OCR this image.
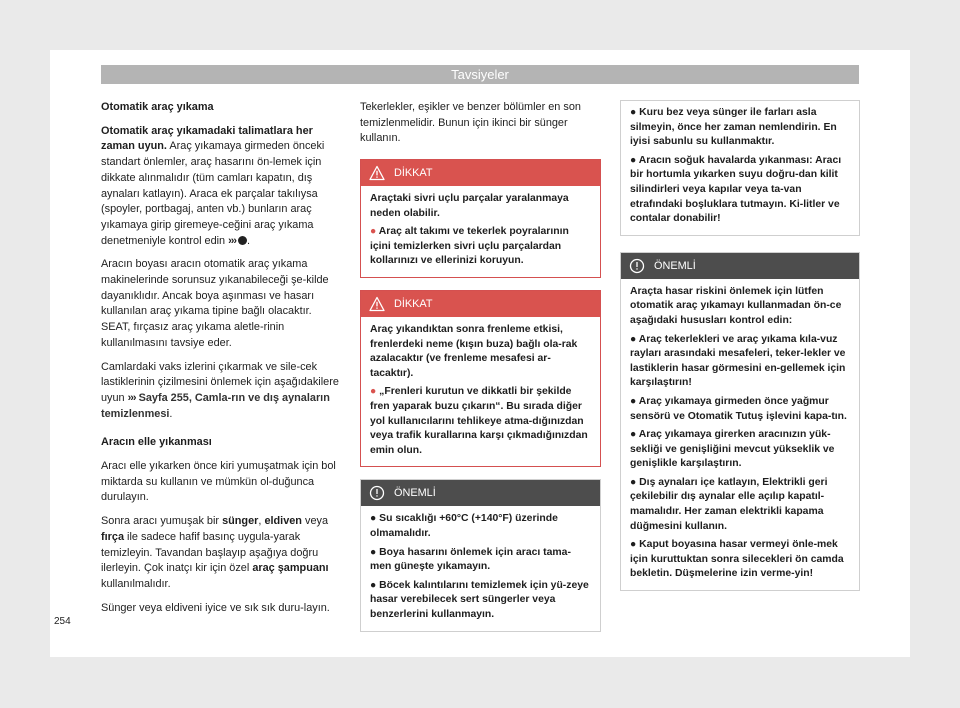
Tavsiyeler

Otomatik araç yıkama

Otomatik araç yıkamadaki talimatlara her zaman uyun. Araç yıkamaya girmeden önceki standart önlemler, araç hasarını ön-lemek için dikkate alınmalıdır (tüm camları kapatın, dış aynaları katlayın). Araca ek parçalar takılıysa (spoyler, portbagaj, anten vb.) bunların araç yıkamaya girip giremeye-ceğini araç yıkama denetmeniyle kontrol edin ››› .

Aracın boyası aracın otomatik araç yıkama makinelerinde sorunsuz yıkanabileceği şe-kilde dayanıklıdır. Ancak boya aşınması ve hasarı kullanılan araç yıkama tipine bağlı olacaktır. SEAT, fırçasız araç yıkama aletle-rinin kullanılmasını tavsiye eder.

Camlardaki vaks izlerini çıkarmak ve sile-cek lastiklerinin çizilmesini önlemek için aşağıdakilere uyun ››› Sayfa 255, Camla-rın ve dış aynaların temizlenmesi.

Aracın elle yıkanması

Aracı elle yıkarken önce kiri yumuşatmak için bol miktarda su kullanın ve mümkün ol-duğunca durulayın.

Sonra aracı yumuşak bir sünger, eldiven veya fırça ile sadece hafif basınç uygula-yarak temizleyin. Tavandan başlayıp aşağıya doğru ilerleyin. Çok inatçı kir için özel araç şampuanı kullanılmalıdır.

Sünger veya eldiveni iyice ve sık sık duru-layın.

Tekerlekler, eşikler ve benzer bölümler en son temizlenmelidir. Bunun için ikinci bir sünger kullanın.

DİKKAT

Araçtaki sivri uçlu parçalar yaralanmaya neden olabilir.

● Araç alt takımı ve tekerlek poyralarının içini temizlerken sivri uçlu parçalardan kollarınızı ve ellerinizi koruyun.

DİKKAT

Araç yıkandıktan sonra frenleme etkisi, frenlerdeki neme (kışın buza) bağlı ola-rak azalacaktır (ve frenleme mesafesi ar-tacaktır).

● „Frenleri kurutun ve dikkatli bir şekilde fren yaparak buzu çıkarın“. Bu sırada diğer yol kullanıcılarını tehlikeye atma-dığınızdan veya trafik kurallarına karşı çıkmadığınızdan emin olun.

ÖNEMLİ

● Su sıcaklığı +60°C (+140°F) üzerinde olmamalıdır.

● Boya hasarını önlemek için aracı tama-men güneşte yıkamayın.

● Böcek kalıntılarını temizlemek için yü-zeye hasar verebilecek sert süngerler veya benzerlerini kullanmayın.

● Kuru bez veya sünger ile farları asla silmeyin, önce her zaman nemlendirin. En iyisi sabunlu su kullanmaktır.

● Aracın soğuk havalarda yıkanması: Aracı bir hortumla yıkarken suyu doğru-dan kilit silindirleri veya kapılar veya ta-van etrafındaki boşluklara tutmayın. Ki-litler ve contalar donabilir!

ÖNEMLİ

Araçta hasar riskini önlemek için lütfen otomatik araç yıkamayı kullanmadan ön-ce aşağıdaki hususları kontrol edin:

● Araç tekerlekleri ve araç yıkama kıla-vuz rayları arasındaki mesafeleri, teker-lekler ve lastiklerin hasar görmesini en-gellemek için karşılaştırın!

● Araç yıkamaya girmeden önce yağmur sensörü ve Otomatik Tutuş işlevini kapa-tın.

● Araç yıkamaya girerken aracınızın yük-sekliği ve genişliğini mevcut yükseklik ve genişlikle karşılaştırın.

● Dış aynaları içe katlayın, Elektrikli geri çekilebilir dış aynalar elle açılıp kapatıl-mamalıdır. Her zaman elektrikli kapama düğmesini kullanın.

● Kaput boyasına hasar vermeyi önle-mek için kuruttuktan sonra silecekleri ön camda bekletin. Düşmelerine izin verme-yin!

254
